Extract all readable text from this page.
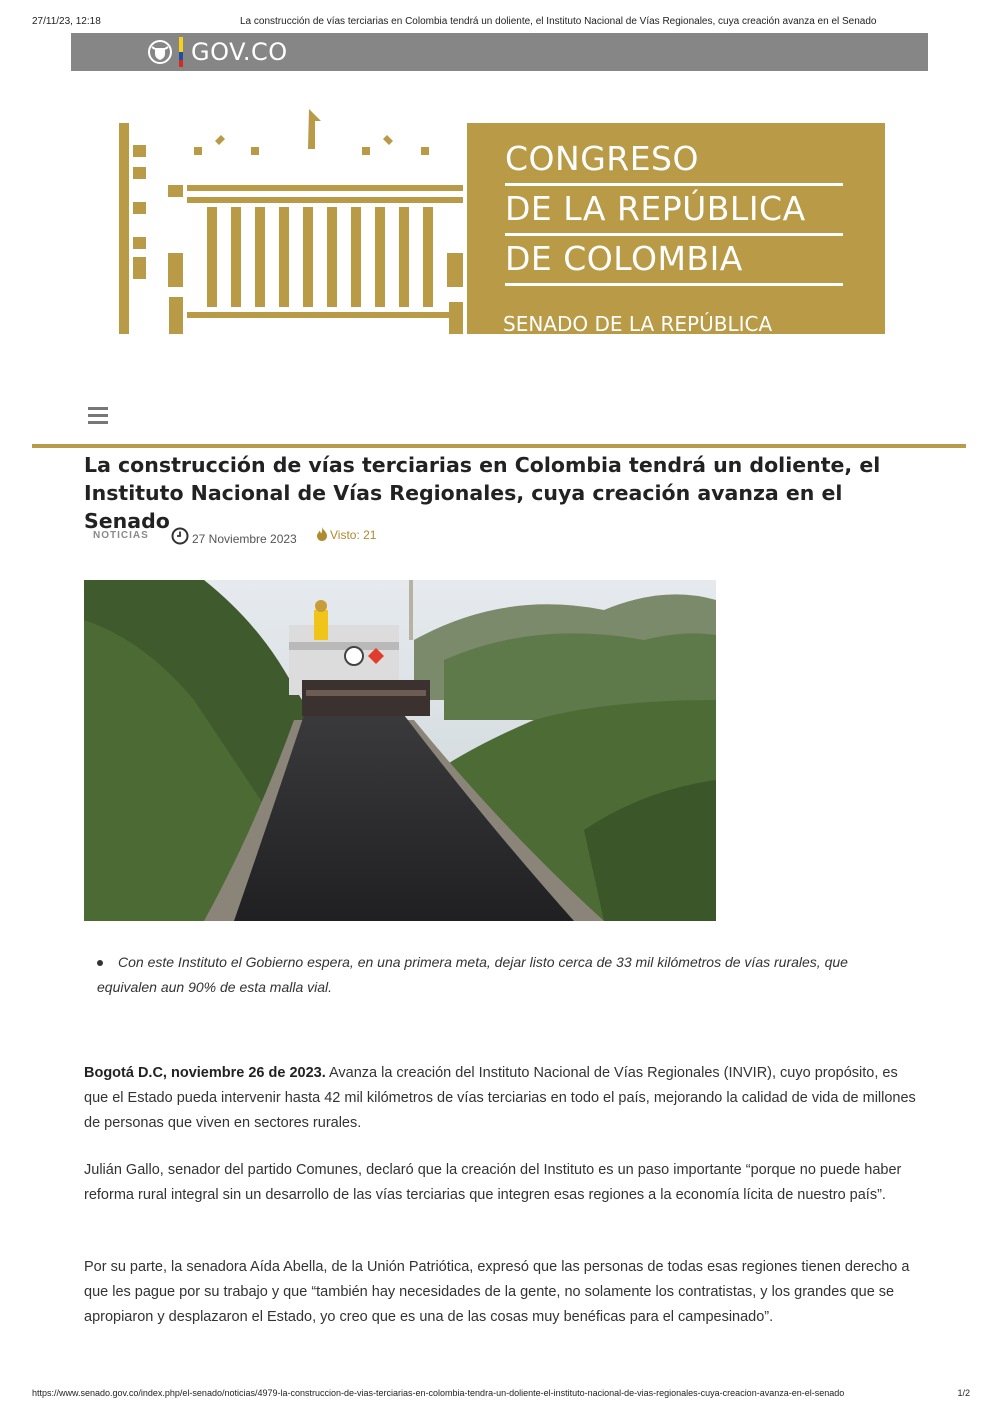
27/11/23, 12:18	La construcción de vías terciarias en Colombia tendrá un doliente, el Instituto Nacional de Vías Regionales, cuya creación avanza en el Senado
GOV.CO
CONGRESO
DE LA REPÚBLICA
DE COLOMBIA
SENADO DE LA REPÚBLICA
La construcción de vías terciarias en Colombia tendrá un doliente, el Instituto Nacional de Vías Regionales, cuya creación avanza en el Senado
NOTICIAS	27 Noviembre 2023	Visto: 21
Con este Instituto el Gobierno espera, en una primera meta, dejar listo cerca de 33 mil kilómetros de vías rurales, que equivalen aun 90% de esta malla vial.

Bogotá D.C, noviembre 26 de 2023. Avanza la creación del Instituto Nacional de Vías Regionales (INVIR), cuyo propósito, es que el Estado pueda intervenir hasta 42 mil kilómetros de vías terciarias en todo el país, mejorando la calidad de vida de millones de personas que viven en sectores rurales.

Julián Gallo, senador del partido Comunes, declaró que la creación del Instituto es un paso importante “porque no puede haber reforma rural integral sin un desarrollo de las vías terciarias que integren esas regiones a la economía lícita de nuestro país”.

Por su parte, la senadora Aída Abella, de la Unión Patriótica, expresó que las personas de todas esas regiones tienen derecho a que les pague por su trabajo y que “también hay necesidades de la gente, no solamente los contratistas, y los grandes que se apropiaron y desplazaron el Estado, yo creo que es una de las cosas muy benéficas para el campesinado”.

https://www.senado.gov.co/index.php/el-senado/noticias/4979-la-construccion-de-vias-terciarias-en-colombia-tendra-un-doliente-el-instituto-nacional-de-vias-regionales-cuya-creacion-avanza-en-el-senado	1/2
